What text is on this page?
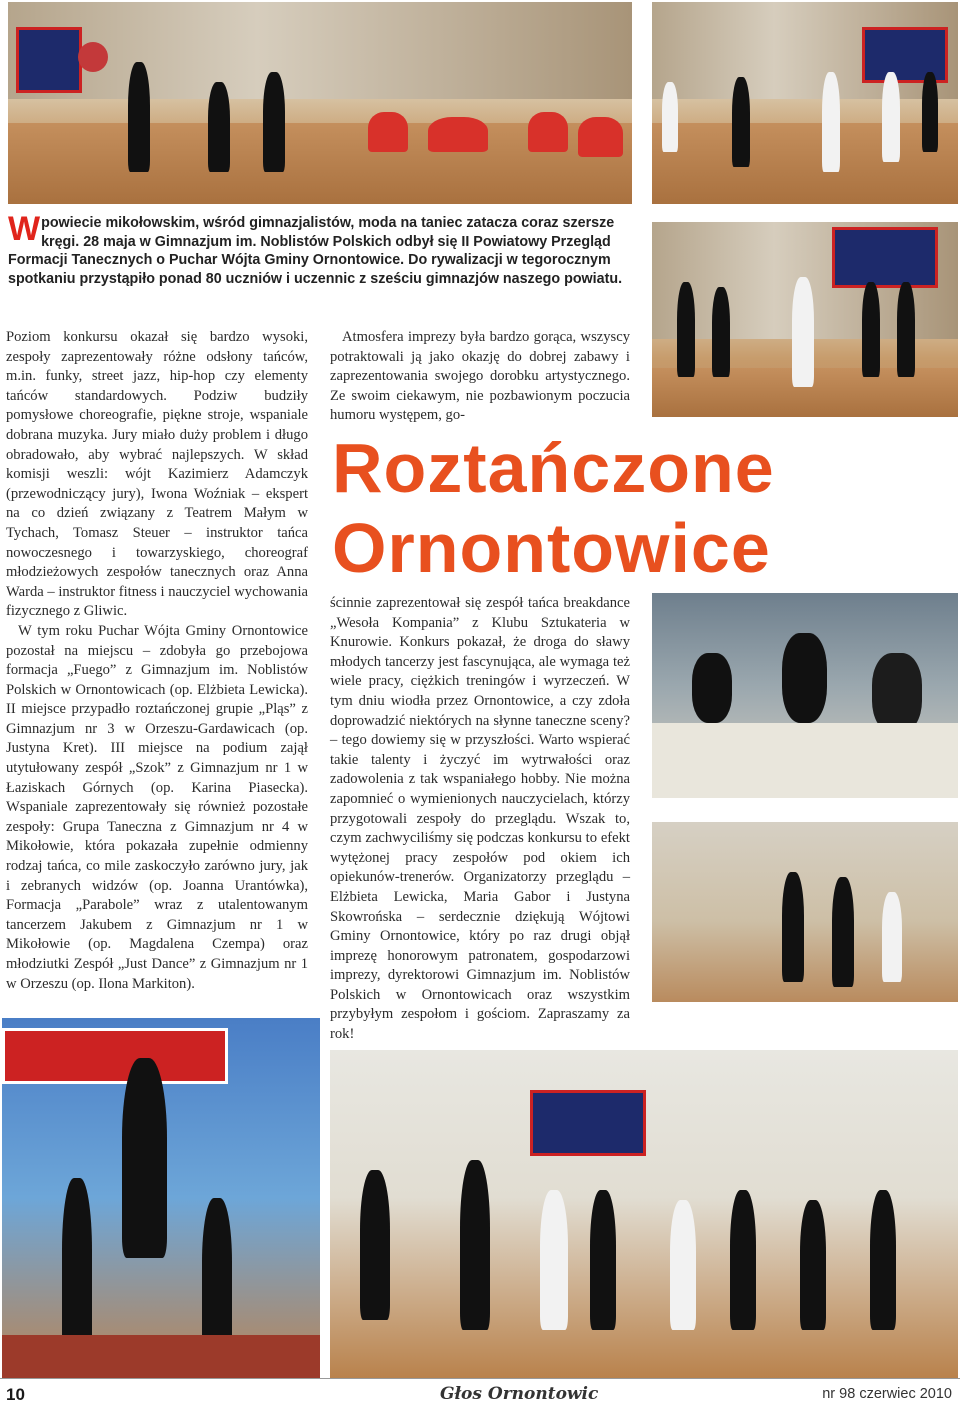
Wpowiecie mikołowskim, wśród gimnazjalistów, moda na taniec zatacza coraz szersze kręgi. 28 maja w Gimnazjum im. Noblistów Polskich odbył się II Powiatowy Przegląd Formacji Tanecznych o Puchar Wójta Gminy Ornontowice. Do rywalizacji w tegorocznym spotkaniu przystąpiło ponad 80 uczniów i uczennic z sześciu gimnazjów naszego powiatu.

Poziom konkursu okazał się bardzo wysoki, zespoły zaprezentowały różne odsłony tańców, m.in. funky, street jazz, hip-hop czy elementy tańców standardowych. Podziw budziły pomysłowe choreografie, piękne stroje, wspaniale dobrana muzyka. Jury miało duży problem i długo obradowało, aby wybrać najlepszych. W skład komisji weszli: wójt Kazimierz Adamczyk (przewodniczący jury), Iwona Woźniak – ekspert na co dzień związany z Teatrem Małym w Tychach, Tomasz Steuer – instruktor tańca nowoczesnego i towarzyskiego, choreograf młodzieżowych zespołów tanecznych oraz Anna Warda – instruktor fitness i nauczyciel wychowania fizycznego z Gliwic.

W tym roku Puchar Wójta Gminy Ornontowice pozostał na miejscu – zdobyła go przebojowa formacja „Fuego” z Gimnazjum im. Noblistów Polskich w Ornontowicach (op. Elżbieta Lewicka). II miejsce przypadło roztańczonej grupie „Pląs” z Gimnazjum nr 3 w Orzeszu-Gardawicach (op. Justyna Kret). III miejsce na podium zajął utytułowany zespół „Szok” z Gimnazjum nr 1 w Łaziskach Górnych (op. Karina Piasecka). Wspaniale zaprezentowały się również pozostałe zespoły: Grupa Taneczna z Gimnazjum nr 4 w Mikołowie, która pokazała zupełnie odmienny rodzaj tańca, co mile zaskoczyło zarówno jury, jak i zebranych widzów (op. Joanna Urantówka), Formacja „Parabole” wraz z utalentowanym tancerzem Jakubem z Gimnazjum nr 1 w Mikołowie (op. Magdalena Czempa) oraz młodziutki Zespół „Just Dance” z Gimnazjum nr 1 w Orzeszu (op. Ilona Markiton).

Atmosfera imprezy była bardzo gorąca, wszyscy potraktowali ją jako okazję do dobrej zabawy i zaprezentowania swojego dorobku artystycznego. Ze swoim ciekawym, nie pozbawionym poczucia humoru występem, go-

Roztańczone
Ornontowice

ścinnie zaprezentował się zespół tańca breakdance „Wesoła Kompania” z Klubu Sztukateria w Knurowie. Konkurs pokazał, że droga do sławy młodych tancerzy jest fascynująca, ale wymaga też wiele pracy, ciężkich treningów i wyrzeczeń. W tym dniu wiodła przez Ornontowice, a czy zdoła doprowadzić niektórych na słynne taneczne sceny? – tego dowiemy się w przyszłości. Warto wspierać takie talenty i życzyć im wytrwałości oraz zadowolenia z tak wspaniałego hobby. Nie można zapomnieć o wymienionych nauczycielach, którzy przygotowali zespoły do przeglądu. Wszak to, czym zachwyciliśmy się podczas konkursu to efekt wytężonej pracy zespołów pod okiem ich opiekunów-trenerów. Organizatorzy przeglądu – Elżbieta Lewicka, Maria Gabor i Justyna Skowrońska – serdecznie dziękują Wójtowi Gminy Ornontowice, który po raz drugi objął imprezę honorowym patronatem, gospodarzowi imprezy, dyrektorowi Gimnazjum im. Noblistów Polskich w Ornontowicach oraz wszystkim przybyłym zespołom i gościom. Zapraszamy za rok!

10	Głos Ornontowic	nr 98 czerwiec 2010
